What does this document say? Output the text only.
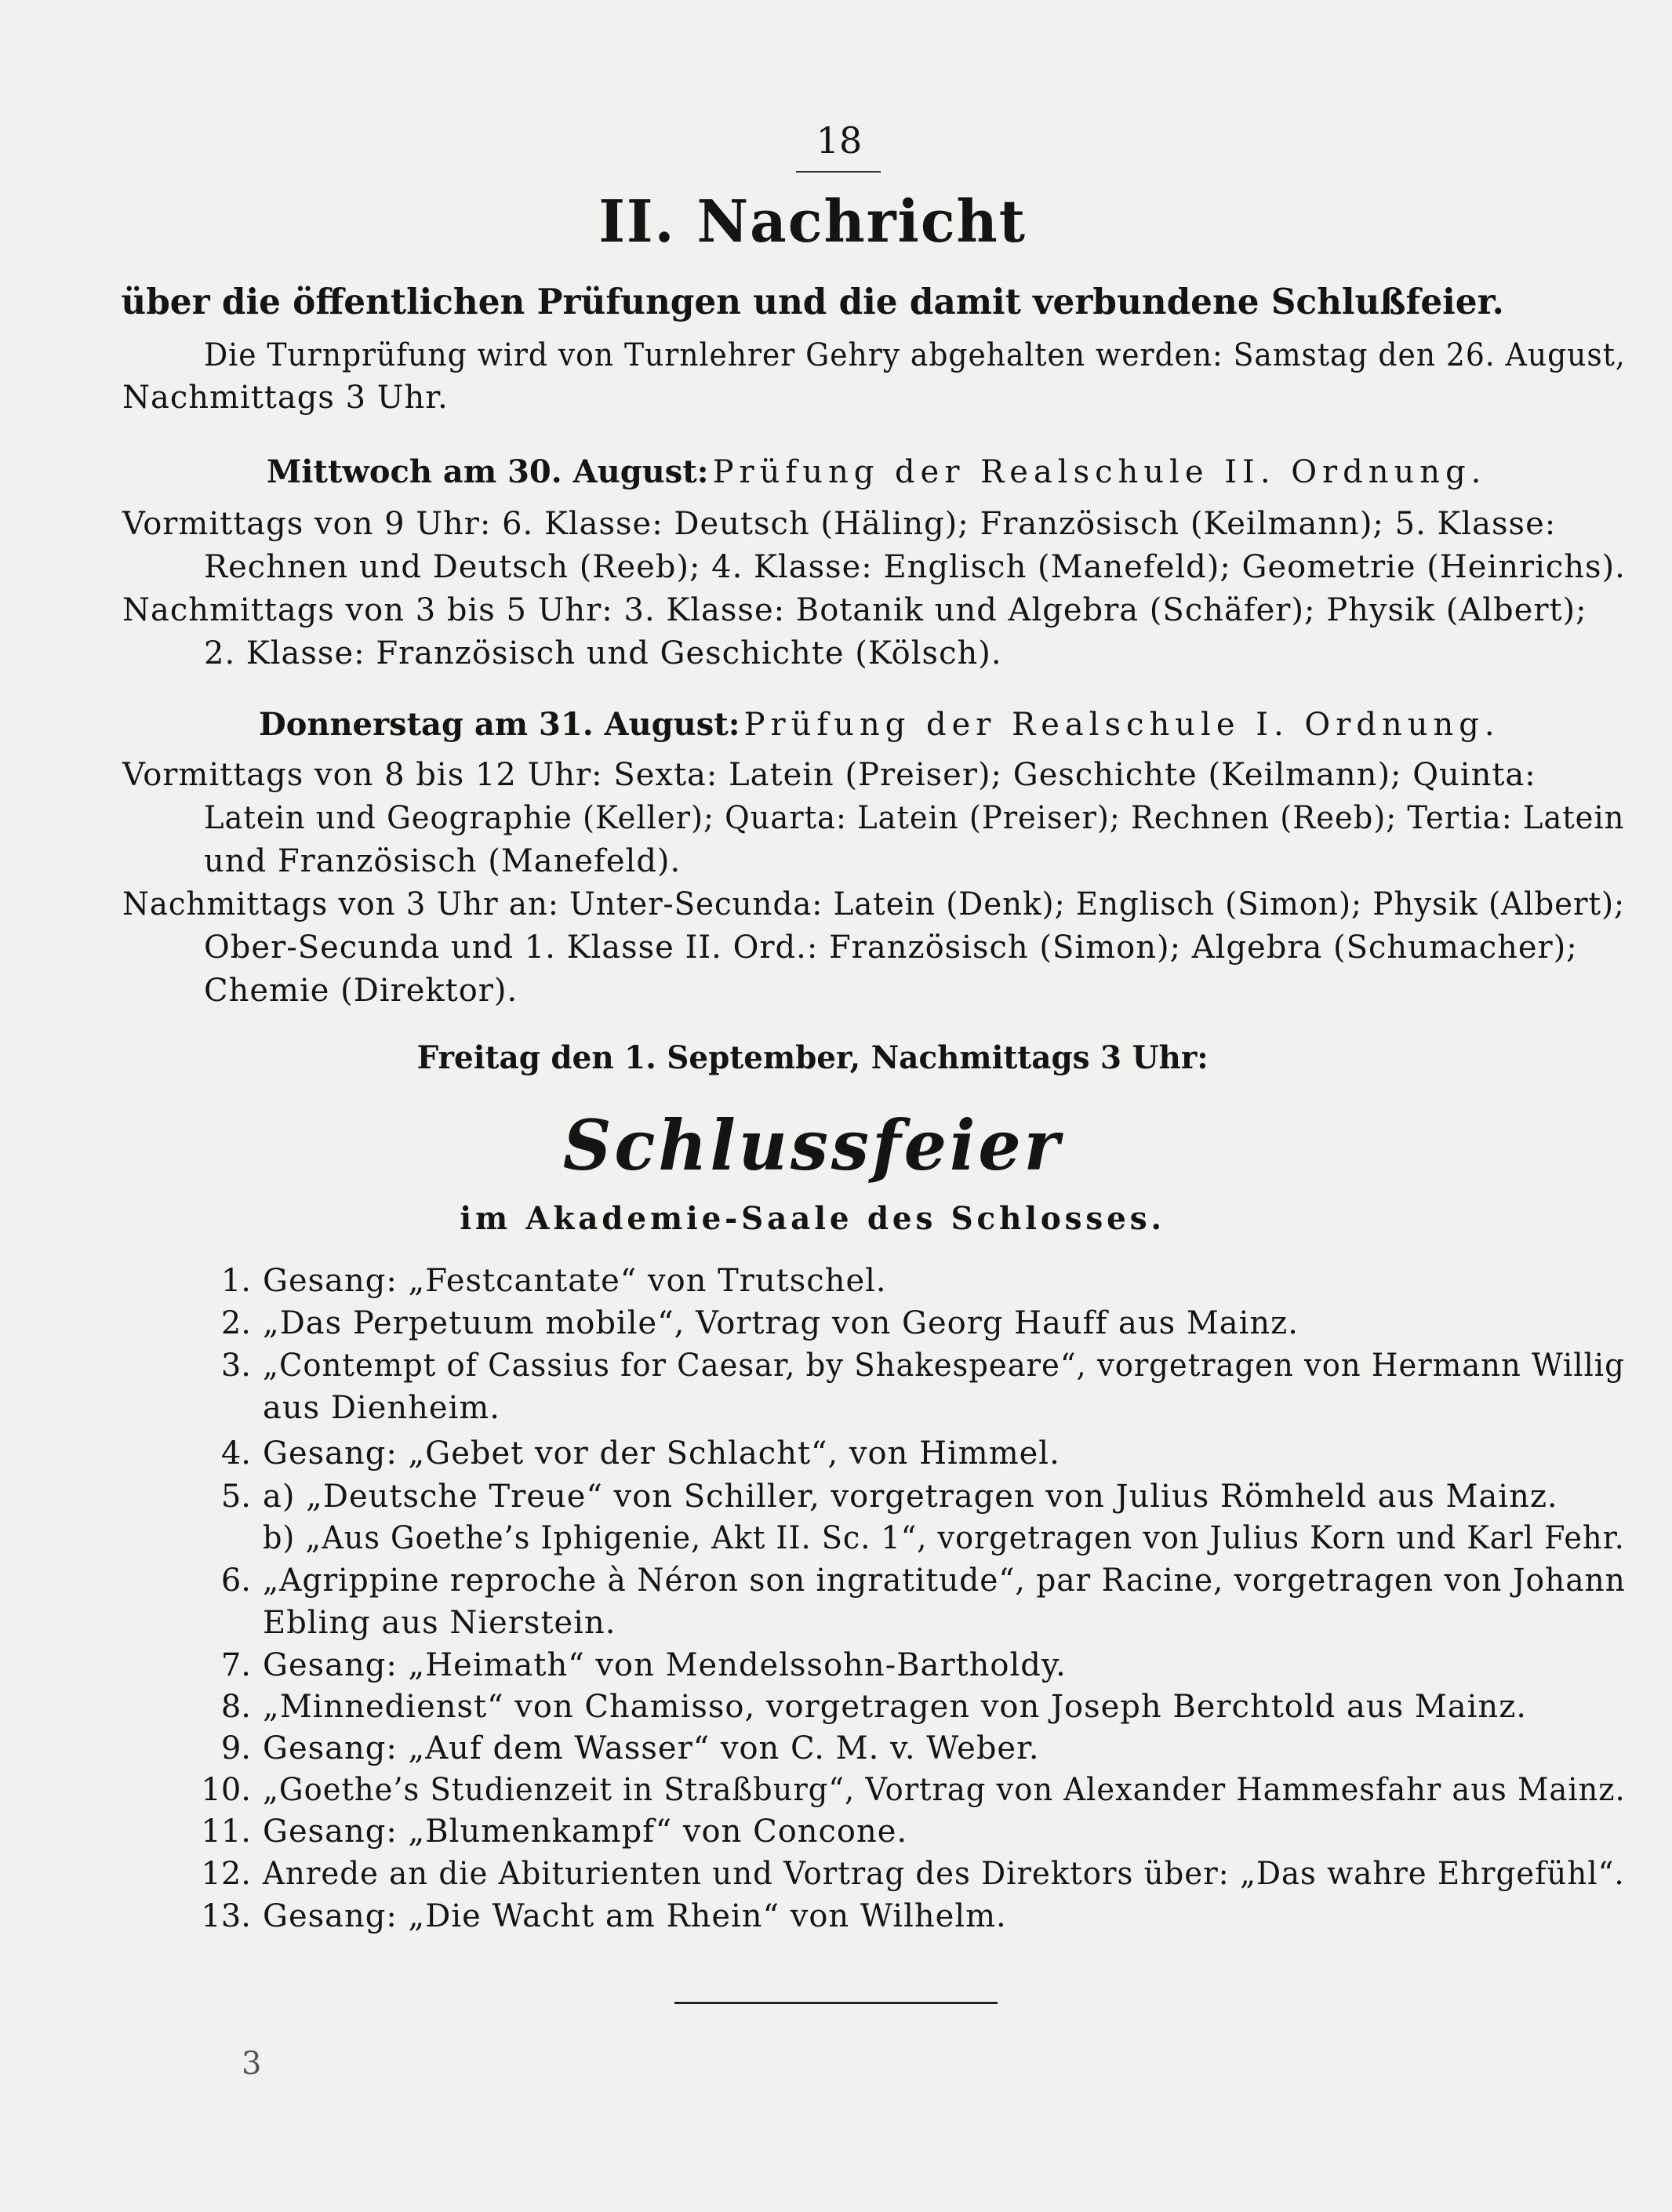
18
II. Nachricht
über die öffentlichen Prüfungen und die damit verbundene Schlußfeier.
Die Turnprüfung wird von Turnlehrer Gehry abgehalten werden: Samstag den 26. August,
Nachmittags 3 Uhr.
Mittwoch am 30. August: Prüfung der Realschule II. Ordnung.
Vormittags von 9 Uhr: 6. Klasse: Deutsch (Häling); Französisch (Keilmann); 5. Klasse:
Rechnen und Deutsch (Reeb); 4. Klasse: Englisch (Manefeld); Geometrie (Heinrichs).
Nachmittags von 3 bis 5 Uhr: 3. Klasse: Botanik und Algebra (Schäfer); Physik (Albert);
2. Klasse: Französisch und Geschichte (Kölsch).
Donnerstag am 31. August: Prüfung der Realschule I. Ordnung.
Vormittags von 8 bis 12 Uhr: Sexta: Latein (Preiser); Geschichte (Keilmann); Quinta:
Latein und Geographie (Keller); Quarta: Latein (Preiser); Rechnen (Reeb); Tertia: Latein
und Französisch (Manefeld).
Nachmittags von 3 Uhr an: Unter-Secunda: Latein (Denk); Englisch (Simon); Physik (Albert);
Ober-Secunda und 1. Klasse II. Ord.: Französisch (Simon); Algebra (Schumacher);
Chemie (Direktor).
Freitag den 1. September, Nachmittags 3 Uhr:
Schlussfeier
im Akademie-Saale des Schlosses.
1. Gesang: „Festcantate“ von Trutschel.
2. „Das Perpetuum mobile“, Vortrag von Georg Hauff aus Mainz.
3. „Contempt of Cassius for Caesar, by Shakespeare“, vorgetragen von Hermann Willig
aus Dienheim.
4. Gesang: „Gebet vor der Schlacht“, von Himmel.
5. a) „Deutsche Treue“ von Schiller, vorgetragen von Julius Römheld aus Mainz.
b) „Aus Goethe’s Iphigenie, Akt II. Sc. 1“, vorgetragen von Julius Korn und Karl Fehr.
6. „Agrippine reproche à Néron son ingratitude“, par Racine, vorgetragen von Johann
Ebling aus Nierstein.
7. Gesang: „Heimath“ von Mendelssohn-Bartholdy.
8. „Minnedienst“ von Chamisso, vorgetragen von Joseph Berchtold aus Mainz.
9. Gesang: „Auf dem Wasser“ von C. M. v. Weber.
10. „Goethe’s Studienzeit in Straßburg“, Vortrag von Alexander Hammesfahr aus Mainz.
11. Gesang: „Blumenkampf“ von Concone.
12. Anrede an die Abiturienten und Vortrag des Direktors über: „Das wahre Ehrgefühl“.
13. Gesang: „Die Wacht am Rhein“ von Wilhelm.
3
